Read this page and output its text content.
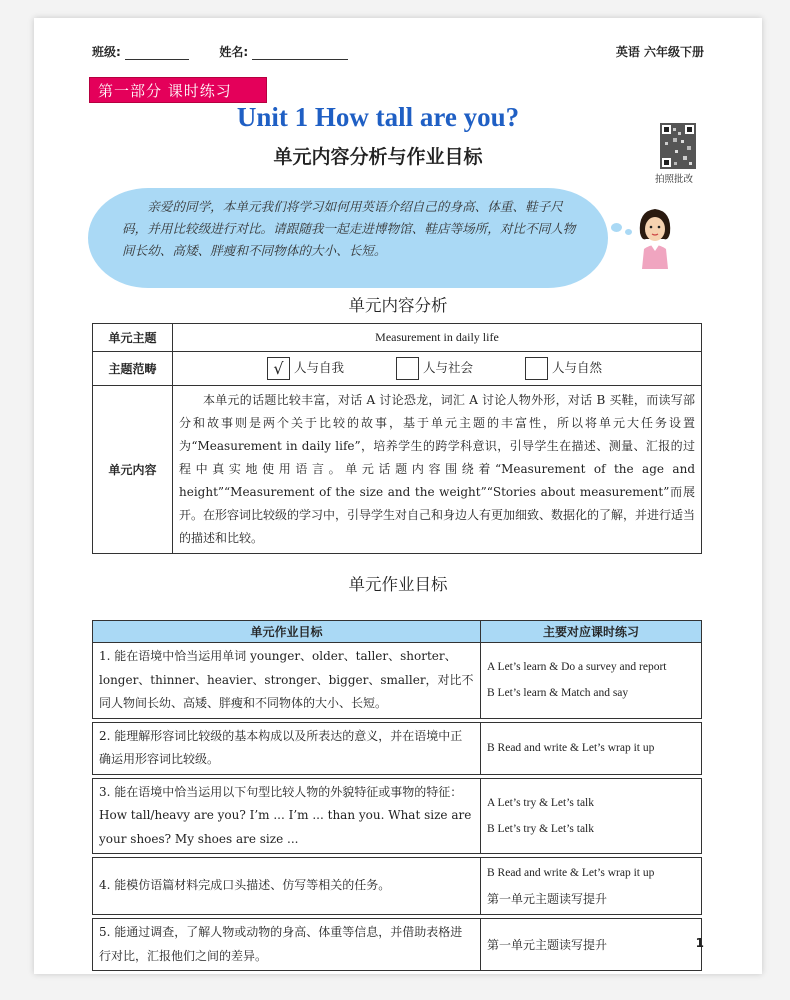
班级:	姓名:	英语 六年级下册
第一部分 课时练习
Unit 1 How tall are you?
单元内容分析与作业目标
拍照批改
亲爱的同学，本单元我们将学习如何用英语介绍自己的身高、体重、鞋子尺码，并用比较级进行对比。请跟随我一起走进博物馆、鞋店等场所，对比不同人物间长幼、高矮、胖瘦和不同物体的大小、长短。
单元内容分析
单元主题	Measurement in daily life
主题范畴	√ 人与自我 人与社会 人与自然
单元内容	本单元的话题比较丰富，对话 A 讨论恐龙，词汇 A 讨论人物外形，对话 B 买鞋，而读写部分和故事则是两个关于比较的故事，基于单元主题的丰富性，所以将单元大任务设置为“Measurement in daily life”，培养学生的跨学科意识，引导学生在描述、测量、汇报的过程中真实地使用语言。单元话题内容围绕着“Measurement of the age and height”“Measurement of the size and the weight”“Stories about measurement”而展开。在形容词比较级的学习中，引导学生对自己和身边人有更加细致、数据化的了解，并进行适当的描述和比较。
单元作业目标
单元作业目标	主要对应课时练习
1. 能在语境中恰当运用单词 younger、older、taller、shorter、longer、thinner、heavier、stronger、bigger、smaller，对比不同人物间长幼、高矮、胖瘦和不同物体的大小、长短。	A Let’s learn & Do a survey and report
B Let’s learn & Match and say

2. 能理解形容词比较级的基本构成以及所表达的意义，并在语境中正确运用形容词比较级。	B Read and write & Let’s wrap it up

3. 能在语境中恰当运用以下句型比较人物的外貌特征或事物的特征：How tall/heavy are you? I’m ... I’m ... than you. What size are your shoes? My shoes are size ...	A Let’s try & Let’s talk
B Let’s try & Let’s talk

4. 能模仿语篇材料完成口头描述、仿写等相关的任务。	B Read and write & Let’s wrap it up
第一单元主题读写提升

5. 能通过调查，了解人物或动物的身高、体重等信息，并借助表格进行对比，汇报他们之间的差异。	第一单元主题读写提升	1
